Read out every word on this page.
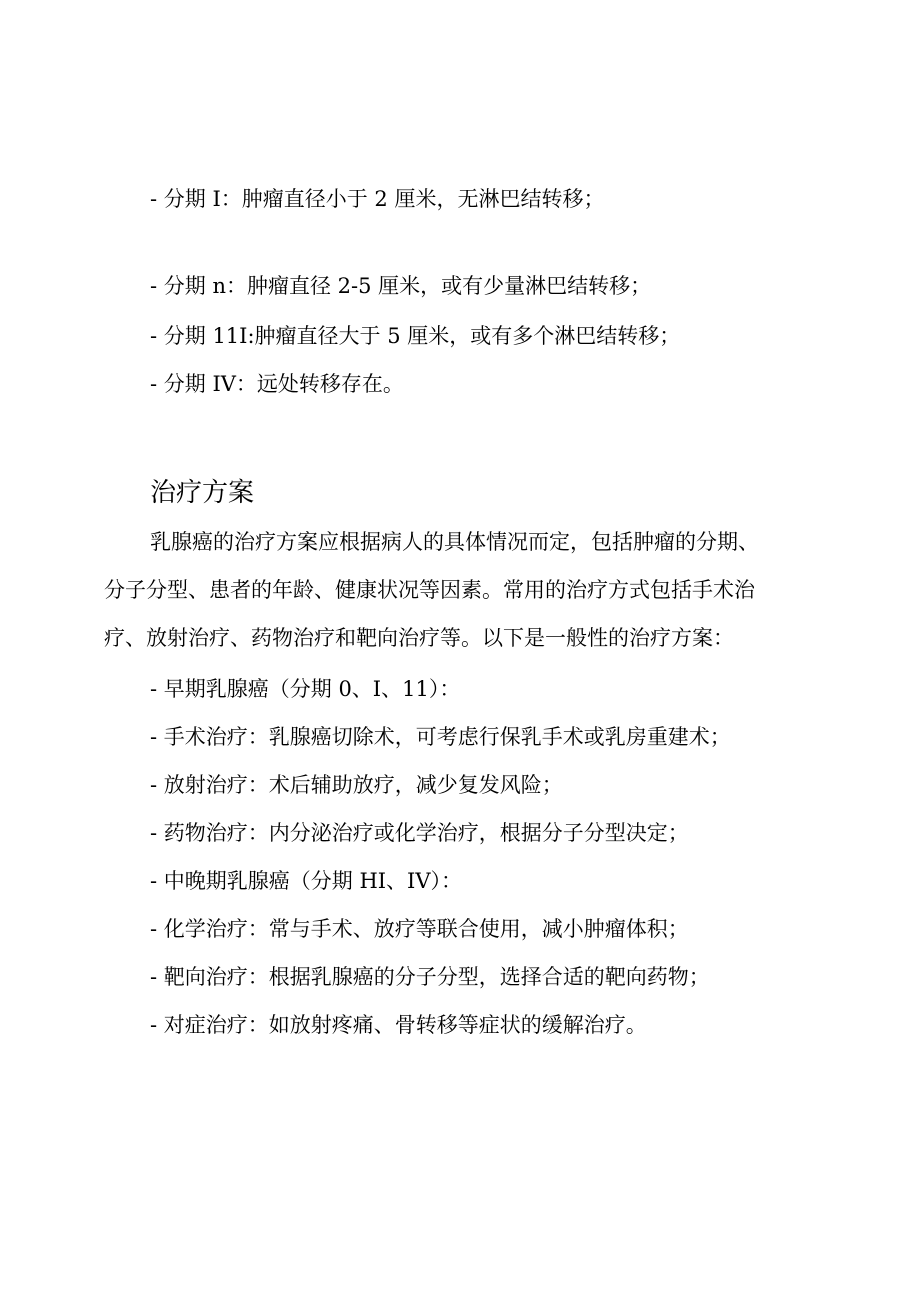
- 分期 I：肿瘤直径小于 2 厘米，无淋巴结转移；
- 分期 n：肿瘤直径 2-5 厘米，或有少量淋巴结转移；
- 分期 11I:肿瘤直径大于 5 厘米，或有多个淋巴结转移；
- 分期 IV：远处转移存在。
治疗方案
乳腺癌的治疗方案应根据病人的具体情况而定，包括肿瘤的分期、
分子分型、患者的年龄、健康状况等因素。常用的治疗方式包括手术治
疗、放射治疗、药物治疗和靶向治疗等。以下是一般性的治疗方案：
- 早期乳腺癌（分期 0、I、11）：
- 手术治疗：乳腺癌切除术，可考虑行保乳手术或乳房重建术；
- 放射治疗：术后辅助放疗，减少复发风险；
- 药物治疗：内分泌治疗或化学治疗，根据分子分型决定；
- 中晚期乳腺癌（分期 HI、IV）：
- 化学治疗：常与手术、放疗等联合使用，减小肿瘤体积；
- 靶向治疗：根据乳腺癌的分子分型，选择合适的靶向药物；
- 对症治疗：如放射疼痛、骨转移等症状的缓解治疗。
